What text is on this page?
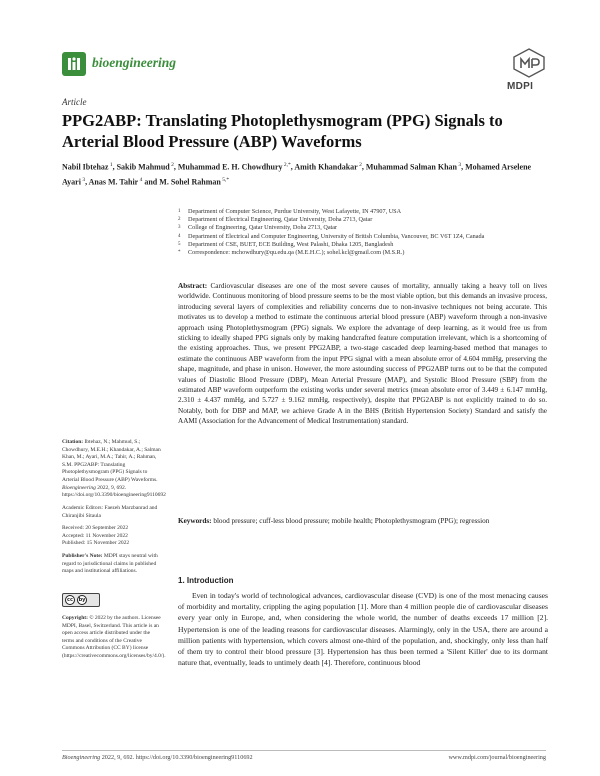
bioengineering
MDPI
Article
PPG2ABP: Translating Photoplethysmogram (PPG) Signals to Arterial Blood Pressure (ABP) Waveforms
Nabil Ibtehaz $^1$, Sakib Mahmud $^2$, Muhammad E. H. Chowdhury $^{2,*}$, Amith Khandakar $^2$, Muhammad Salman Khan $^3$, Mohamed Arselene Ayari $^3$, Anas M. Tahir $^4$ and M. Sohel Rahman $^{5,*}$
1	Department of Computer Science, Purdue University, West Lafayette, IN 47907, USA
2	Department of Electrical Engineering, Qatar University, Doha 2713, Qatar
3	College of Engineering, Qatar University, Doha 2713, Qatar
4	Department of Electrical and Computer Engineering, University of British Columbia, Vancouver, BC V6T 1Z4, Canada
5	Department of CSE, BUET, ECE Building, West Palashi, Dhaka 1205, Bangladesh
*	Correspondence: mchowdhury@qu.edu.qa (M.E.H.C.); sohel.kcl@gmail.com (M.S.R.)
Abstract: Cardiovascular diseases are one of the most severe causes of mortality, annually taking a heavy toll on lives worldwide. Continuous monitoring of blood pressure seems to be the most viable option, but this demands an invasive process, introducing several layers of complexities and reliability concerns due to non-invasive techniques not being accurate. This motivates us to develop a method to estimate the continuous arterial blood pressure (ABP) waveform through a non-invasive approach using Photoplethysmogram (PPG) signals. We explore the advantage of deep learning, as it would free us from sticking to ideally shaped PPG signals only by making handcrafted feature computation irrelevant, which is a shortcoming of the existing approaches. Thus, we present PPG2ABP, a two-stage cascaded deep learning-based method that manages to estimate the continuous ABP waveform from the input PPG signal with a mean absolute error of 4.604 mmHg, preserving the shape, magnitude, and phase in unison. However, the more astounding success of PPG2ABP turns out to be that the computed values of Diastolic Blood Pressure (DBP), Mean Arterial Pressure (MAP), and Systolic Blood Pressure (SBP) from the estimated ABP waveform outperform the existing works under several metrics (mean absolute error of 3.449 ± 6.147 mmHg, 2.310 ± 4.437 mmHg, and 5.727 ± 9.162 mmHg, respectively), despite that PPG2ABP is not explicitly trained to do so. Notably, both for DBP and MAP, we achieve Grade A in the BHS (British Hypertension Society) Standard and satisfy the AAMI (Association for the Advancement of Medical Instrumentation) standard.
Keywords: blood pressure; cuff-less blood pressure; mobile health; Photoplethysmogram (PPG); regression
Citation: Ibtehaz, N.; Mahmud, S.; Chowdhury, M.E.H.; Khandakar, A.; Salman Khan, M.; Ayari, M.A.; Tahir, A.; Rahman, S.M. PPG2ABP: Translating Photoplethysmogram (PPG) Signals to Arterial Blood Pressure (ABP) Waveforms. Bioengineering 2022, 9, 692. https://doi.org/10.3390/bioengineering9110692
Academic Editors: Faezeh Marzbanrad and Chiranjibi Sitaula
Received: 20 September 2022
Accepted: 11 November 2022
Published: 15 November 2022
Publisher's Note: MDPI stays neutral with regard to jurisdictional claims in published maps and institutional affiliations.
cc	by
Copyright: © 2022 by the authors. Licensee MDPI, Basel, Switzerland. This article is an open access article distributed under the terms and conditions of the Creative Commons Attribution (CC BY) license (https://creativecommons.org/licenses/by/4.0/).
1. Introduction
Even in today's world of technological advances, cardiovascular disease (CVD) is one of the most menacing causes of morbidity and mortality, crippling the aging population [1]. More than 4 million people die of cardiovascular diseases every year only in Europe, and, when considering the whole world, the number of deaths exceeds 17 million [2]. Hypertension is one of the leading reasons for cardiovascular diseases. Alarmingly, only in the USA, there are around a million patients with hypertension, which covers almost one-third of the population, and, shockingly, only less than half of them try to control their blood pressure [3]. Hypertension has thus been termed a 'Silent Killer' due to its dormant nature that, eventually, leads to untimely death [4]. Therefore, continuous blood
Bioengineering 2022, 9, 692. https://doi.org/10.3390/bioengineering9110692	www.mdpi.com/journal/bioengineering
